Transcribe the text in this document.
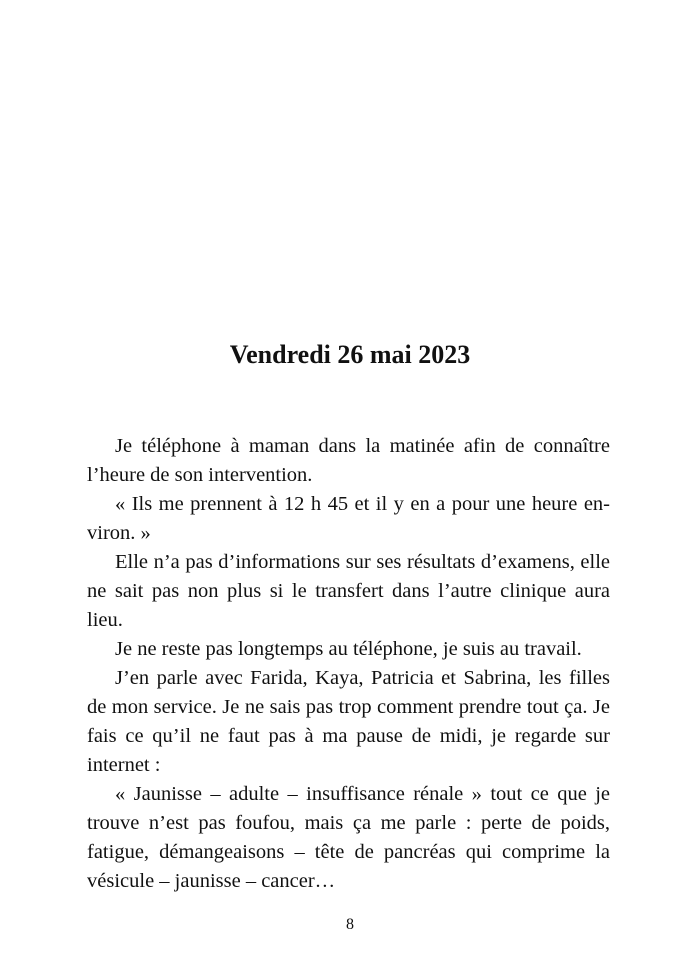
Vendredi 26 mai 2023

Je téléphone à maman dans la matinée afin de connaître l’heure de son intervention.

« Ils me prennent à 12 h 45 et il y en a pour une heure environ. »

Elle n’a pas d’informations sur ses résultats d’examens, elle ne sait pas non plus si le transfert dans l’autre clinique aura lieu.

Je ne reste pas longtemps au téléphone, je suis au travail.

J’en parle avec Farida, Kaya, Patricia et Sabrina, les filles de mon service. Je ne sais pas trop comment prendre tout ça. Je fais ce qu’il ne faut pas à ma pause de midi, je regarde sur internet :

« Jaunisse – adulte – insuffisance rénale » tout ce que je trouve n’est pas foufou, mais ça me parle : perte de poids, fatigue, démangeaisons – tête de pancréas qui comprime la vésicule – jaunisse – cancer…

8
